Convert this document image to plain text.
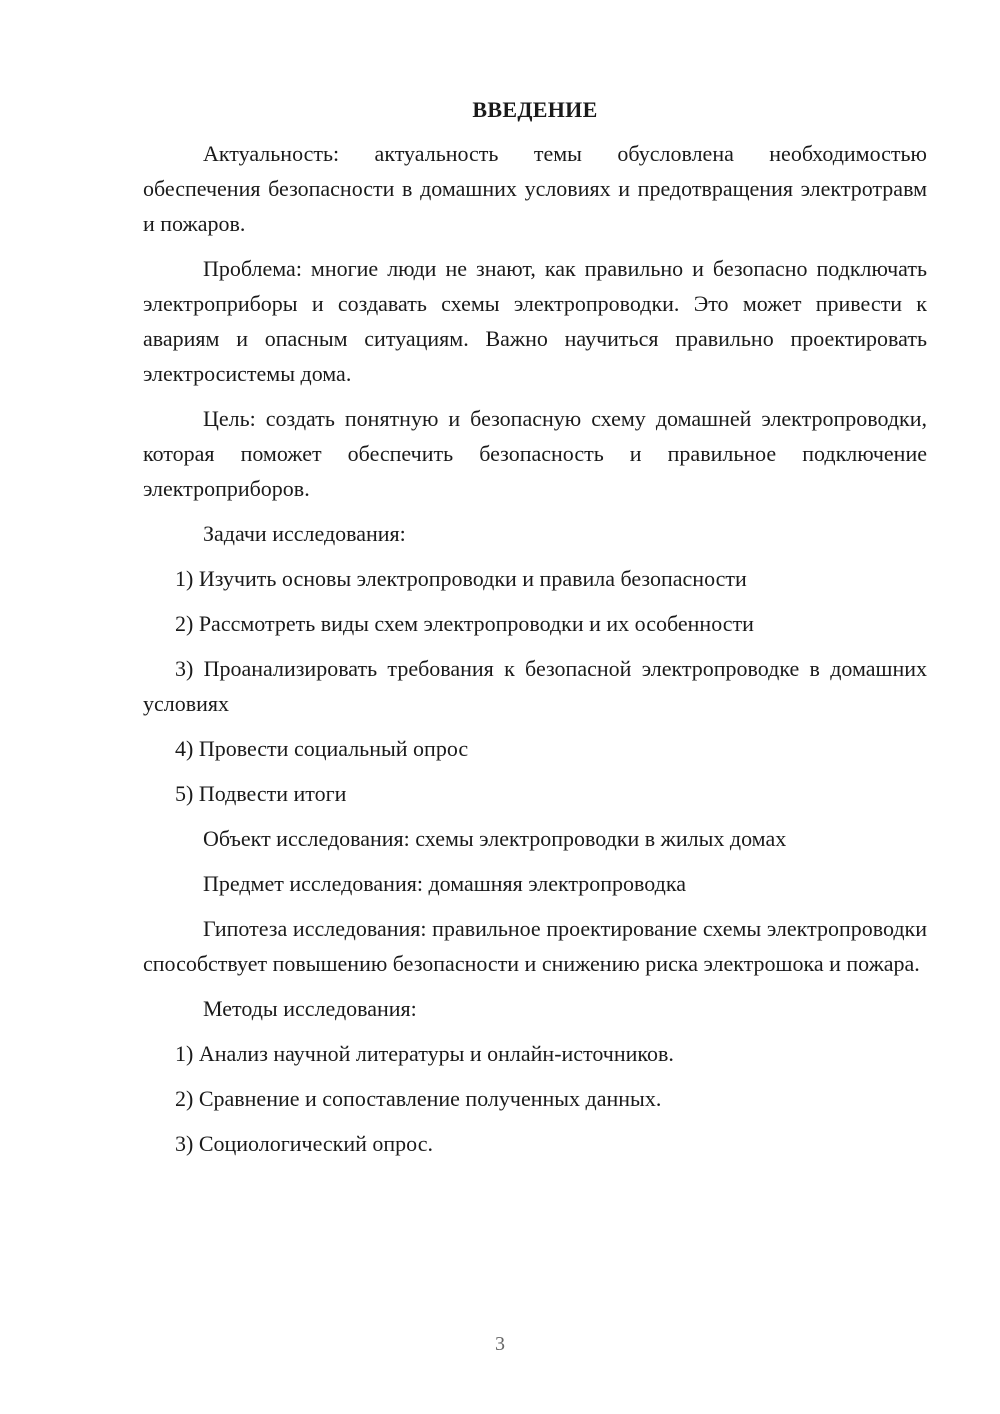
ВВЕДЕНИЕ

Актуальность: актуальность темы обусловлена необходимостью обеспечения безопасности в домашних условиях и предотвращения электротравм и пожаров.

Проблема: многие люди не знают, как правильно и безопасно подключать электроприборы и создавать схемы электропроводки. Это может привести к авариям и опасным ситуациям. Важно научиться правильно проектировать электросистемы дома.

Цель: создать понятную и безопасную схему домашней электропроводки, которая поможет обеспечить безопасность и правильное подключение электроприборов.

Задачи исследования:

1) Изучить основы электропроводки и правила безопасности

2) Рассмотреть виды схем электропроводки и их особенности

3) Проанализировать требования к безопасной электропроводке в домашних условиях

4) Провести социальный опрос

5) Подвести итоги

Объект исследования: схемы электропроводки в жилых домах

Предмет исследования: домашняя электропроводка

Гипотеза исследования: правильное проектирование схемы электропроводки способствует повышению безопасности и снижению риска электрошока и пожара.

Методы исследования:

1) Анализ научной литературы и онлайн-источников.

2) Сравнение и сопоставление полученных данных.

3) Социологический опрос.

3
